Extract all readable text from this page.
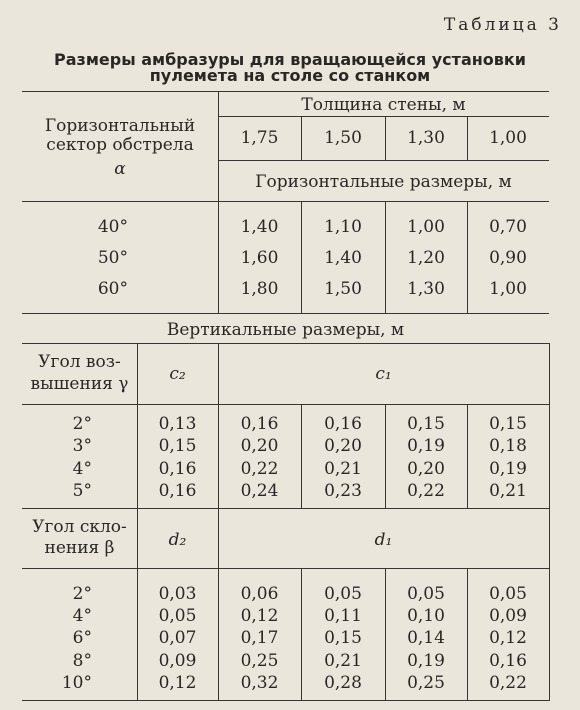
Таблица 3
Размеры амбразуры для вращающейся установки
пулемета на столе со станком
Горизонтальный
сектор обстрела
α
Толщина стены, м
1,75	1,50	1,30	1,00
Горизонтальные размеры, м
40°	1,40	1,10	1,00	0,70
50°	1,60	1,40	1,20	0,90
60°	1,80	1,50	1,30	1,00
Вертикальные размеры, м
Угол воз-
вышения γ	c₂	c₁
2°	0,13	0,16	0,16	0,15	0,15
3°	0,15	0,20	0,20	0,19	0,18
4°	0,16	0,22	0,21	0,20	0,19
5°	0,16	0,24	0,23	0,22	0,21
Угол скло-
нения β	d₂	d₁
2°	0,03	0,06	0,05	0,05	0,05
4°	0,05	0,12	0,11	0,10	0,09
6°	0,07	0,17	0,15	0,14	0,12
8°	0,09	0,25	0,21	0,19	0,16
10°	0,12	0,32	0,28	0,25	0,22
